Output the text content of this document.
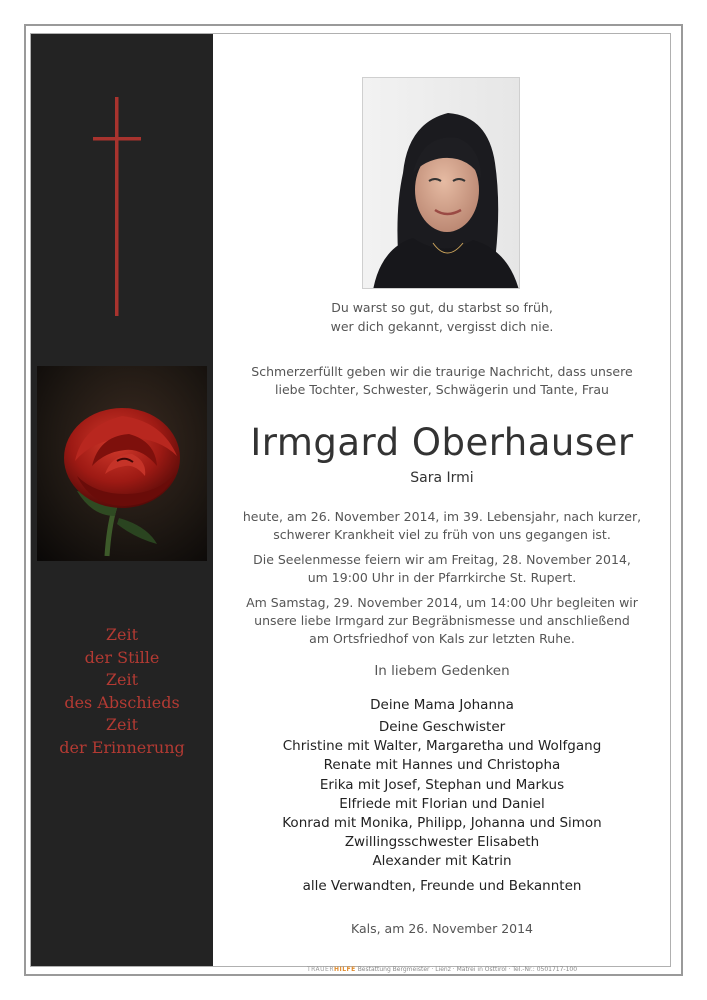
Zeit
der Stille
Zeit
des Abschieds
Zeit
der Erinnerung
Du warst so gut, du starbst so früh,
wer dich gekannt, vergisst dich nie.
Schmerzerfüllt geben wir die traurige Nachricht, dass unsere
liebe Tochter, Schwester, Schwägerin und Tante, Frau
Irmgard Oberhauser
Sara Irmi
heute, am 26. November 2014, im 39. Lebensjahr, nach kurzer,
schwerer Krankheit viel zu früh von uns gegangen ist.
Die Seelenmesse feiern wir am Freitag, 28. November 2014,
um 19:00 Uhr in der Pfarrkirche St. Rupert.
Am Samstag, 29. November 2014, um 14:00 Uhr begleiten wir
unsere liebe Irmgard zur Begräbnismesse und anschließend
am Ortsfriedhof von Kals zur letzten Ruhe.
In liebem Gedenken
Deine Mama Johanna
Deine Geschwister
Christine mit Walter, Margaretha und Wolfgang
Renate mit Hannes und Christopha
Erika mit Josef, Stephan und Markus
Elfriede mit Florian und Daniel
Konrad mit Monika, Philipp, Johanna und Simon
Zwillingsschwester Elisabeth
Alexander mit Katrin
alle Verwandten, Freunde und Bekannten
Kals, am 26. November 2014
TRAUERHILFE Bestattung Bergmeister · Lienz · Matrei in Osttirol · Tel.-Nr.: 0501717-100
